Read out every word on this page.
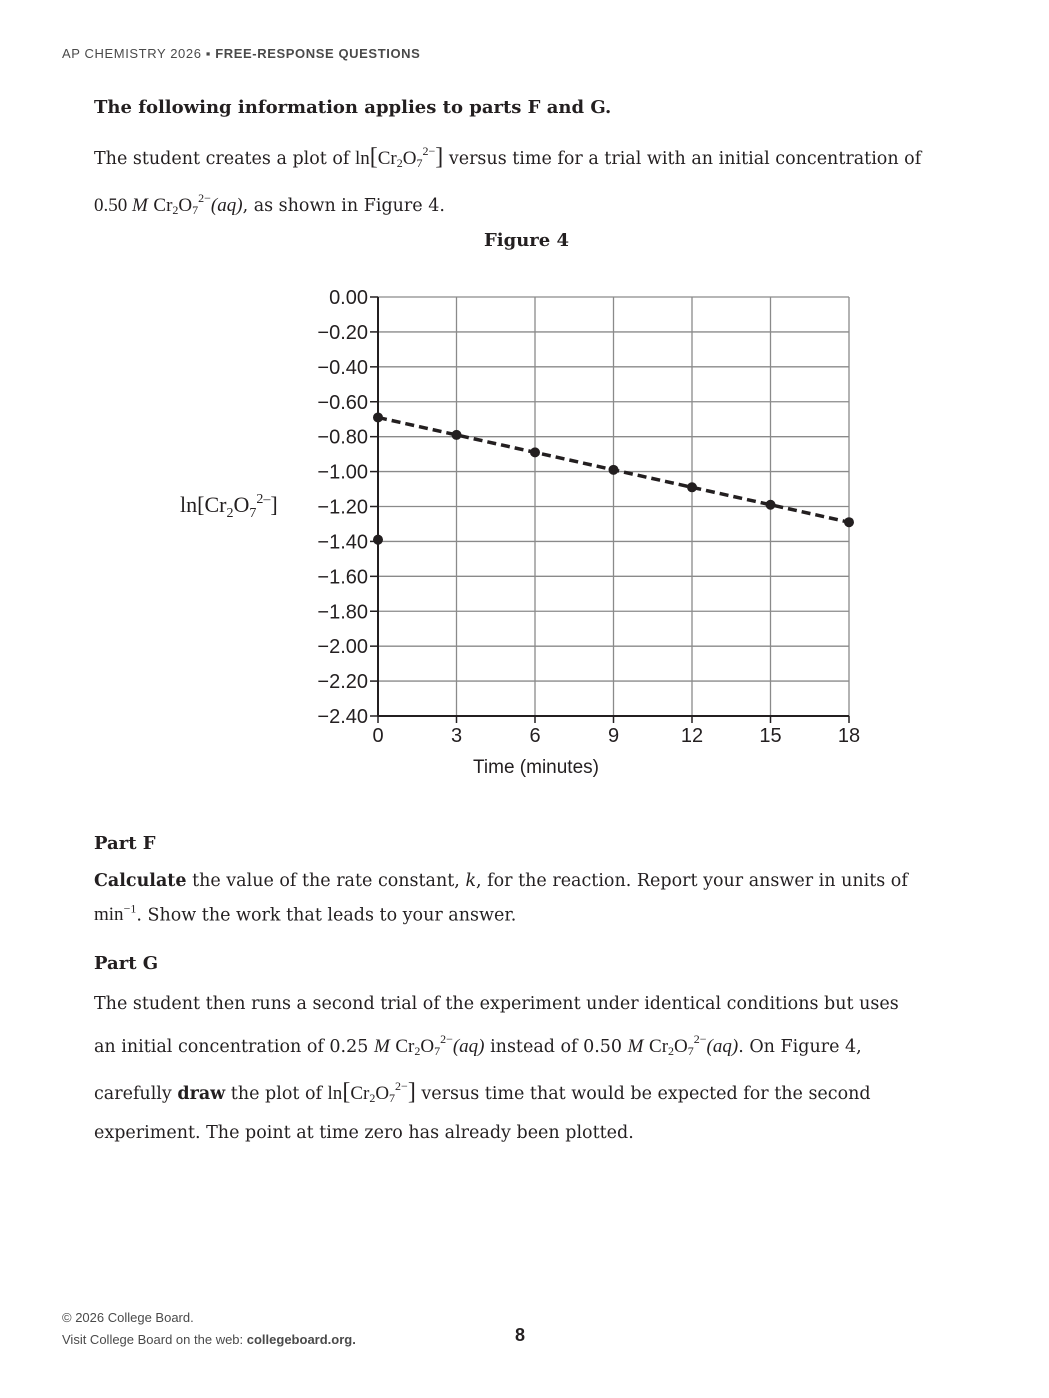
AP CHEMISTRY 2026 ▪ FREE-RESPONSE QUESTIONS
The following information applies to parts F and G.

The student creates a plot of $\ln[Cr_2O_7^{2-}]$ versus time for a trial with an initial concentration of

0.50 M $Cr_2O_7^{2-}(aq)$, as shown in Figure 4.

Figure 4
0.00
−0.20
−0.40
−0.60
−0.80
−1.00
−1.20
−1.40
−1.60
−1.80
−2.00
−2.20
−2.40
0	3	6	9	12	15	18
Time (minutes)
$\ln[Cr_2O_7^{2-}]$
Part F

Calculate the value of the rate constant, k, for the reaction. Report your answer in units of

$\min^{-1}$. Show the work that leads to your answer.

Part G

The student then runs a second trial of the experiment under identical conditions but uses

an initial concentration of 0.25 M $Cr_2O_7^{2-}(aq)$ instead of 0.50 M $Cr_2O_7^{2-}(aq)$. On Figure 4,

carefully draw the plot of $\ln[Cr_2O_7^{2-}]$ versus time that would be expected for the second

experiment. The point at time zero has already been plotted.

© 2026 College Board.
Visit College Board on the web: collegeboard.org.	8
